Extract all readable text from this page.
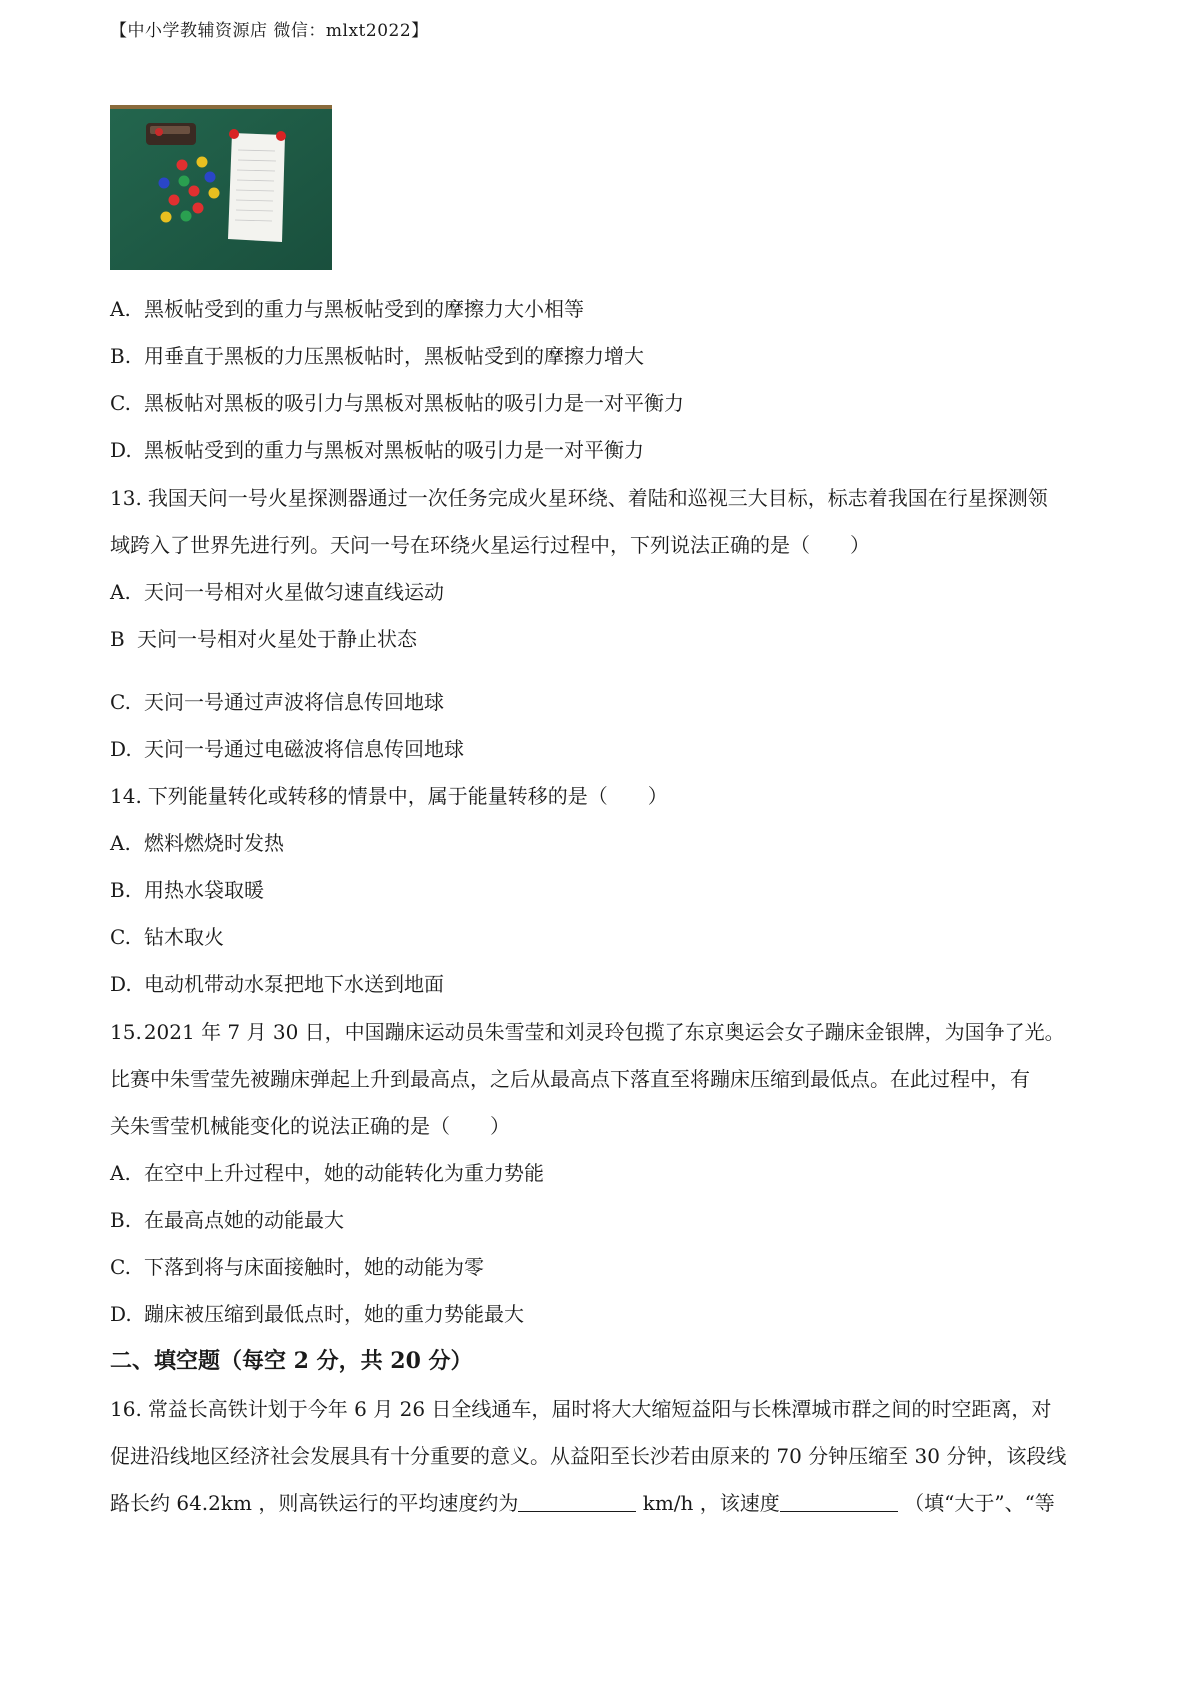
【中小学教辅资源店 微信：mlxt2022】
A. 黑板帖受到的重力与黑板帖受到的摩擦力大小相等
B. 用垂直于黑板的力压黑板帖时，黑板帖受到的摩擦力增大
C. 黑板帖对黑板的吸引力与黑板对黑板帖的吸引力是一对平衡力
D. 黑板帖受到的重力与黑板对黑板帖的吸引力是一对平衡力
13. 我国天问一号火星探测器通过一次任务完成火星环绕、着陆和巡视三大目标，标志着我国在行星探测领
域跨入了世界先进行列。天问一号在环绕火星运行过程中，下列说法正确的是（　　）
A. 天问一号相对火星做匀速直线运动
B 天问一号相对火星处于静止状态
C. 天问一号通过声波将信息传回地球
D. 天问一号通过电磁波将信息传回地球
14. 下列能量转化或转移的情景中，属于能量转移的是（　　）
A. 燃料燃烧时发热
B. 用热水袋取暖
C. 钻木取火
D. 电动机带动水泵把地下水送到地面
15. 2021 年 7 月 30 日，中国蹦床运动员朱雪莹和刘灵玲包揽了东京奥运会女子蹦床金银牌，为国争了光。
比赛中朱雪莹先被蹦床弹起上升到最高点，之后从最高点下落直至将蹦床压缩到最低点。在此过程中，有
关朱雪莹机械能变化的说法正确的是（　　）
A. 在空中上升过程中，她的动能转化为重力势能
B. 在最高点她的动能最大
C. 下落到将与床面接触时，她的动能为零
D. 蹦床被压缩到最低点时，她的重力势能最大
二、填空题（每空 2 分，共 20 分）
16. 常益长高铁计划于今年 6 月 26 日全线通车，届时将大大缩短益阳与长株潭城市群之间的时空距离，对
促进沿线地区经济社会发展具有十分重要的意义。从益阳至长沙若由原来的 70 分钟压缩至 30 分钟，该段线
路长约 64.2km ，则高铁运行的平均速度约为	km/h ，该速度	（填“大于”、“等
